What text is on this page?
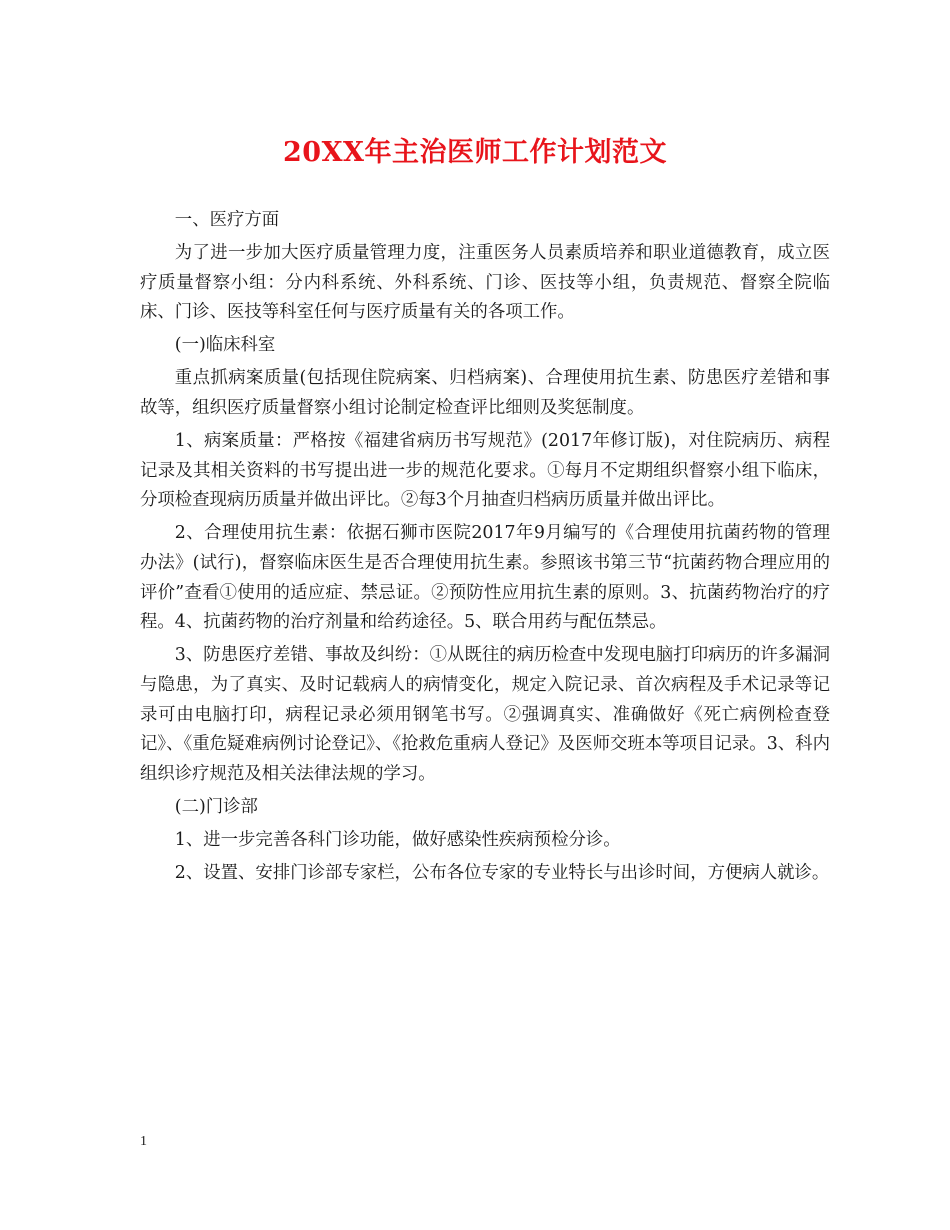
20XX年主治医师工作计划范文

一、医疗方面

为了进一步加大医疗质量管理力度，注重医务人员素质培养和职业道德教育，成立医疗质量督察小组：分内科系统、外科系统、门诊、医技等小组，负责规范、督察全院临床、门诊、医技等科室任何与医疗质量有关的各项工作。

(一)临床科室

重点抓病案质量(包括现住院病案、归档病案)、合理使用抗生素、防患医疗差错和事故等，组织医疗质量督察小组讨论制定检查评比细则及奖惩制度。

1、病案质量：严格按《福建省病历书写规范》(2017年修订版)，对住院病历、病程记录及其相关资料的书写提出进一步的规范化要求。①每月不定期组织督察小组下临床，分项检查现病历质量并做出评比。②每3个月抽查归档病历质量并做出评比。

2、合理使用抗生素：依据石狮市医院2017年9月编写的《合理使用抗菌药物的管理办法》(试行)，督察临床医生是否合理使用抗生素。参照该书第三节“抗菌药物合理应用的评价”查看①使用的适应症、禁忌证。②预防性应用抗生素的原则。3、抗菌药物治疗的疗程。4、抗菌药物的治疗剂量和给药途径。5、联合用药与配伍禁忌。

3、防患医疗差错、事故及纠纷：①从既往的病历检查中发现电脑打印病历的许多漏洞与隐患，为了真实、及时记载病人的病情变化，规定入院记录、首次病程及手术记录等记录可由电脑打印，病程记录必须用钢笔书写。②强调真实、准确做好《死亡病例检查登记》、《重危疑难病例讨论登记》、《抢救危重病人登记》及医师交班本等项目记录。3、科内组织诊疗规范及相关法律法规的学习。

(二)门诊部

1、进一步完善各科门诊功能，做好感染性疾病预检分诊。

2、设置、安排门诊部专家栏，公布各位专家的专业特长与出诊时间，方便病人就诊。

1
